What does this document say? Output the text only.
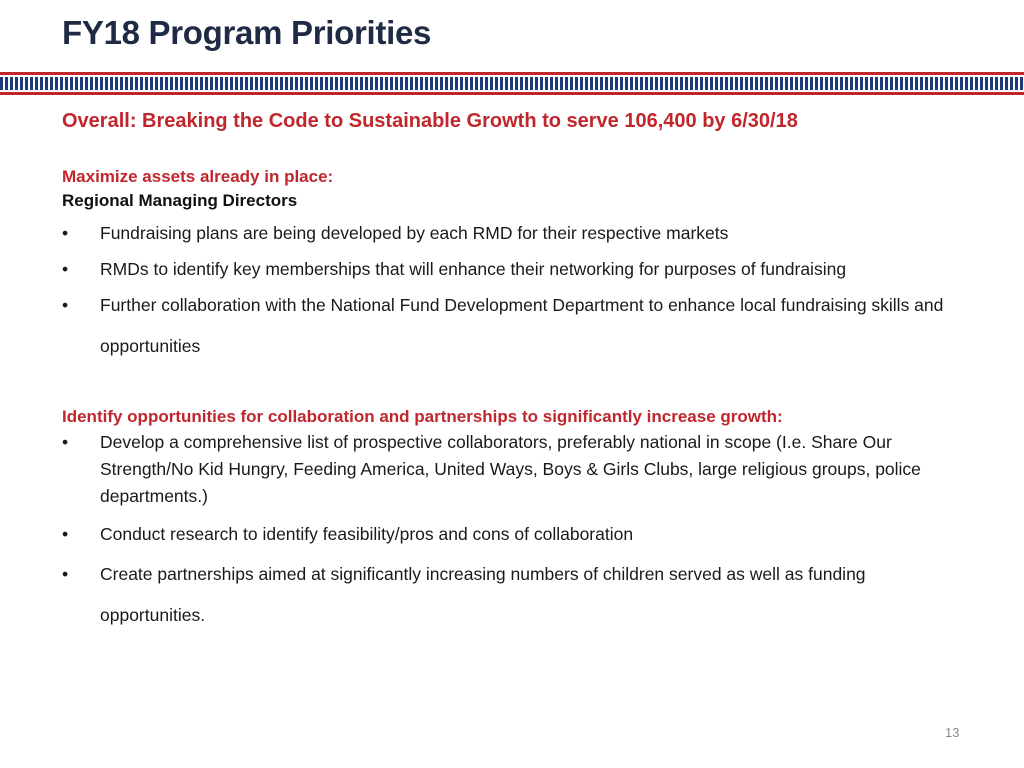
FY18 Program Priorities
Overall: Breaking the Code to Sustainable Growth to serve 106,400 by 6/30/18
Maximize assets already in place:
Regional Managing Directors
• Fundraising plans are being developed by each RMD for their respective markets
• RMDs to identify key memberships that will enhance their networking for purposes of fundraising
• Further collaboration with the National Fund Development Department to enhance local fundraising skills and opportunities
Identify opportunities for collaboration and partnerships to significantly increase growth:
• Develop a comprehensive list of prospective collaborators, preferably national in scope (I.e. Share Our Strength/No Kid Hungry, Feeding America, United Ways, Boys & Girls Clubs, large religious groups, police departments.)
• Conduct research to identify feasibility/pros and cons of collaboration
• Create partnerships aimed at significantly increasing numbers of children served as well as funding opportunities.
13
